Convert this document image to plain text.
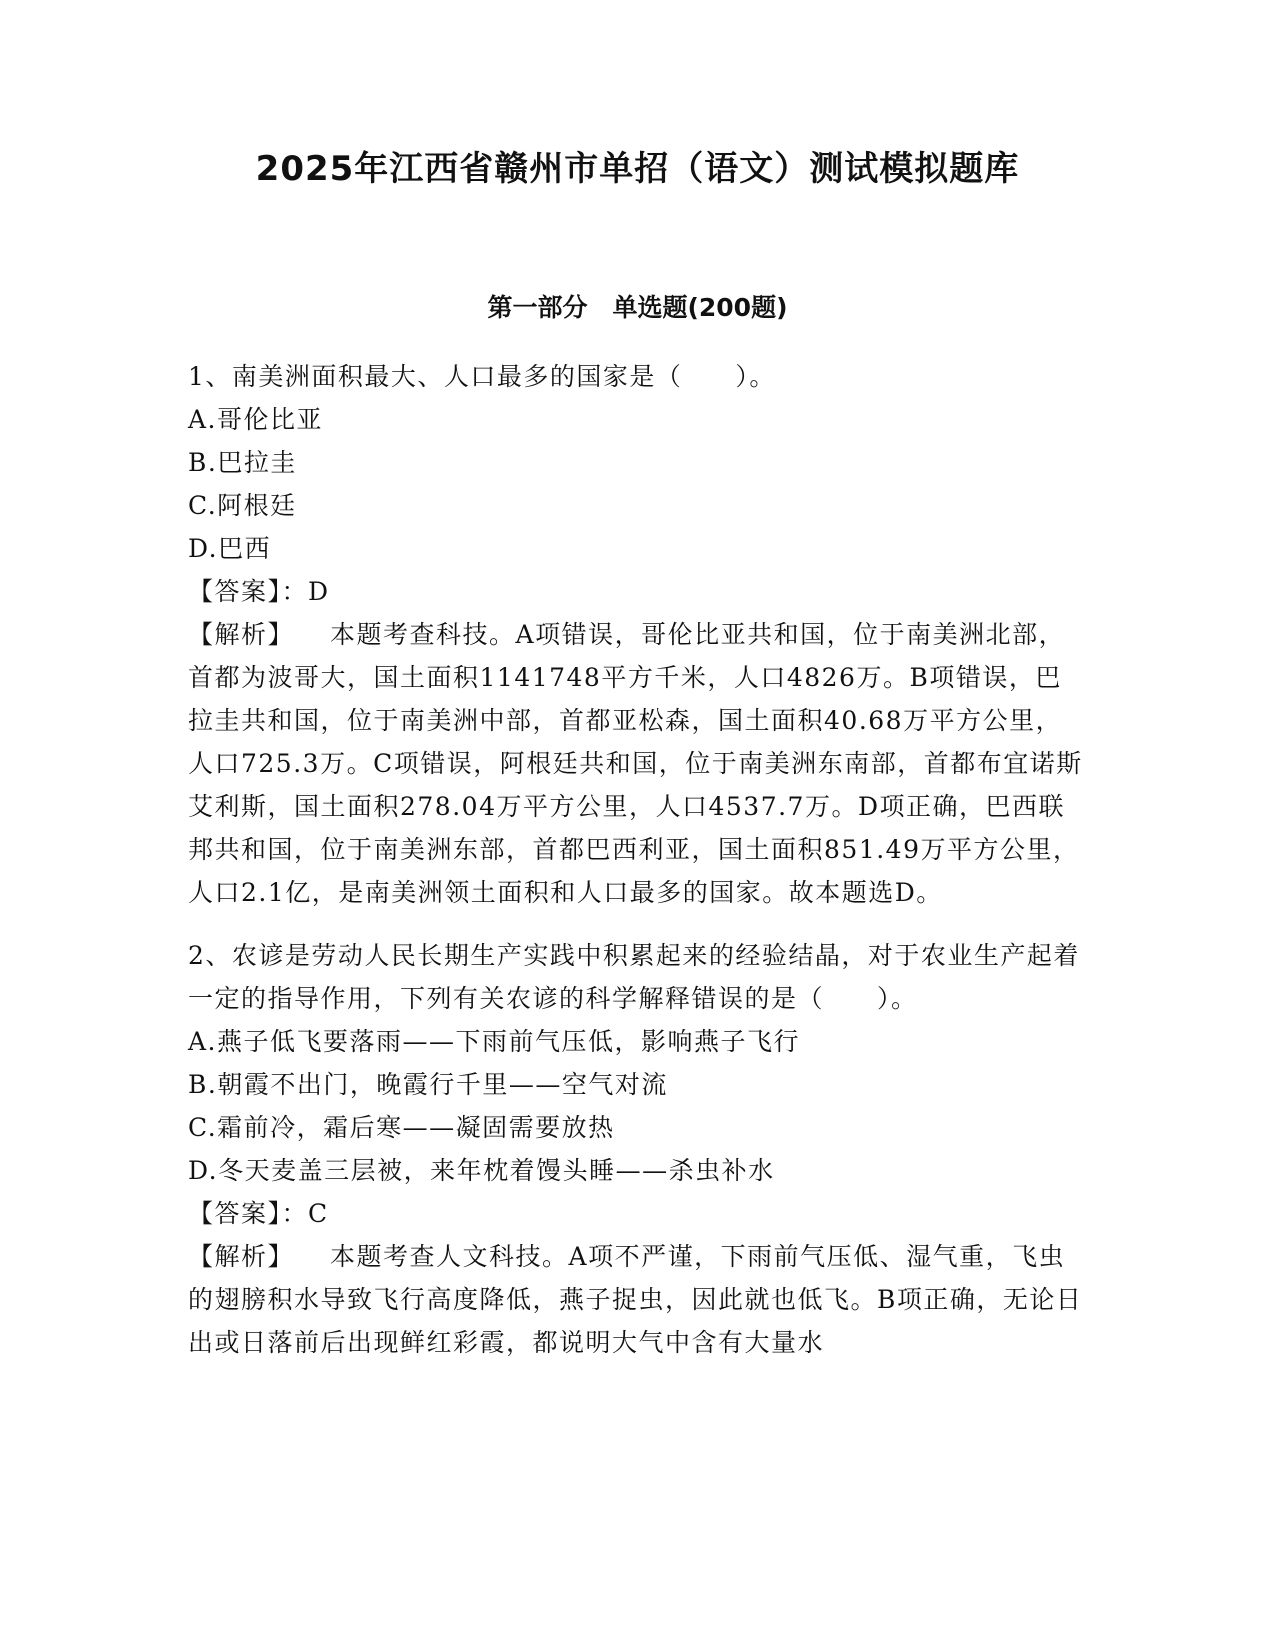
2025年江西省赣州市单招（语文）测试模拟题库
第一部分　单选题(200题)

1、南美洲面积最大、人口最多的国家是（　　）。

A.哥伦比亚

B.巴拉圭

C.阿根廷

D.巴西

【答案】：D

【解析】 本题考查科技。A项错误，哥伦比亚共和国，位于南美洲北部，首都为波哥大，国土面积1141748平方千米，人口4826万。B项错误，巴拉圭共和国，位于南美洲中部，首都亚松森，国土面积40.68万平方公里，人口725.3万。C项错误，阿根廷共和国，位于南美洲东南部，首都布宜诺斯艾利斯，国土面积278.04万平方公里，人口4537.7万。D项正确，巴西联邦共和国，位于南美洲东部，首都巴西利亚，国土面积851.49万平方公里，人口2.1亿，是南美洲领土面积和人口最多的国家。故本题选D。

2、农谚是劳动人民长期生产实践中积累起来的经验结晶，对于农业生产起着一定的指导作用，下列有关农谚的科学解释错误的是（　　）。

A.燕子低飞要落雨——下雨前气压低，影响燕子飞行

B.朝霞不出门，晚霞行千里——空气对流

C.霜前冷，霜后寒——凝固需要放热

D.冬天麦盖三层被，来年枕着馒头睡——杀虫补水

【答案】：C

【解析】 本题考查人文科技。A项不严谨，下雨前气压低、湿气重，飞虫的翅膀积水导致飞行高度降低，燕子捉虫，因此就也低飞。B项正确，无论日出或日落前后出现鲜红彩霞，都说明大气中含有大量水
